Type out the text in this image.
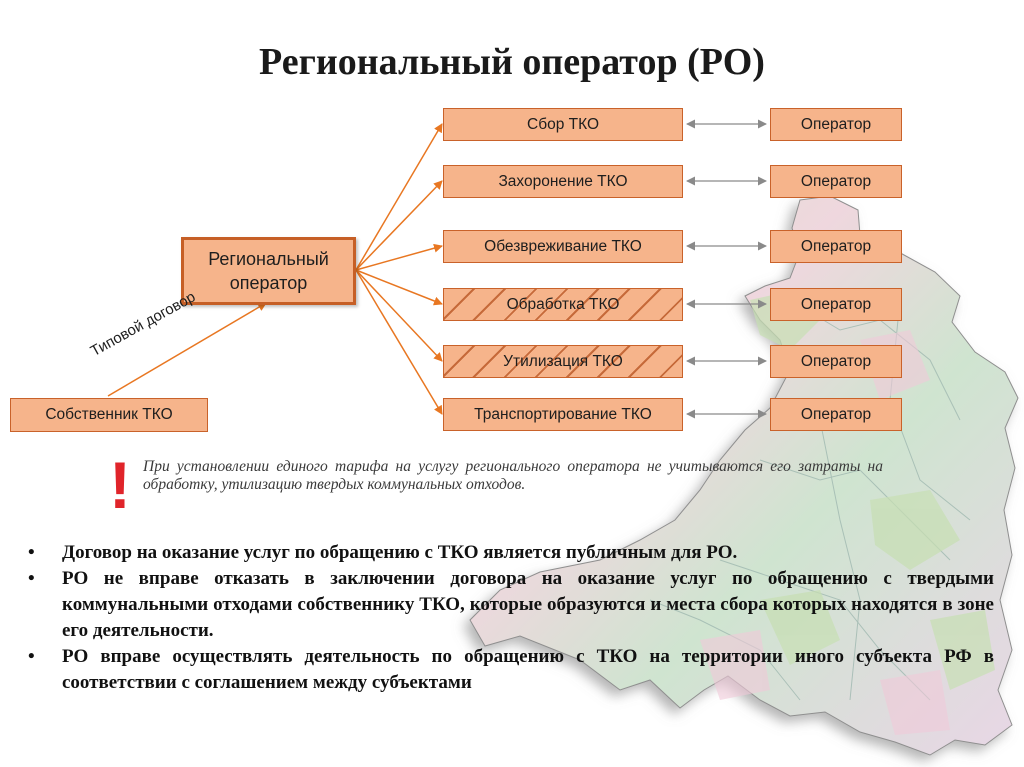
Региональный оператор (РО)
Региональный
оператор
Собственник ТКО
Типовой договор
Сбор ТКО
Захоронение ТКО
Обезвреживание ТКО
Обработка ТКО
Утилизация ТКО
Транспортирование ТКО
Оператор
Оператор
Оператор
Оператор
Оператор
Оператор
! При установлении единого тарифа на услугу регионального оператора не учитываются его затраты на обработку, утилизацию твердых коммунальных отходов.
• Договор на оказание услуг по обращению с ТКО является публичным для РО.
• РО не вправе отказать в заключении договора на оказание услуг по обращению с твердыми коммунальными отходами собственнику ТКО, которые образуются и места сбора которых находятся в зоне его деятельности.
• РО вправе осуществлять деятельность по обращению с ТКО на территории иного субъекта РФ в соответствии с соглашением между субъектами
